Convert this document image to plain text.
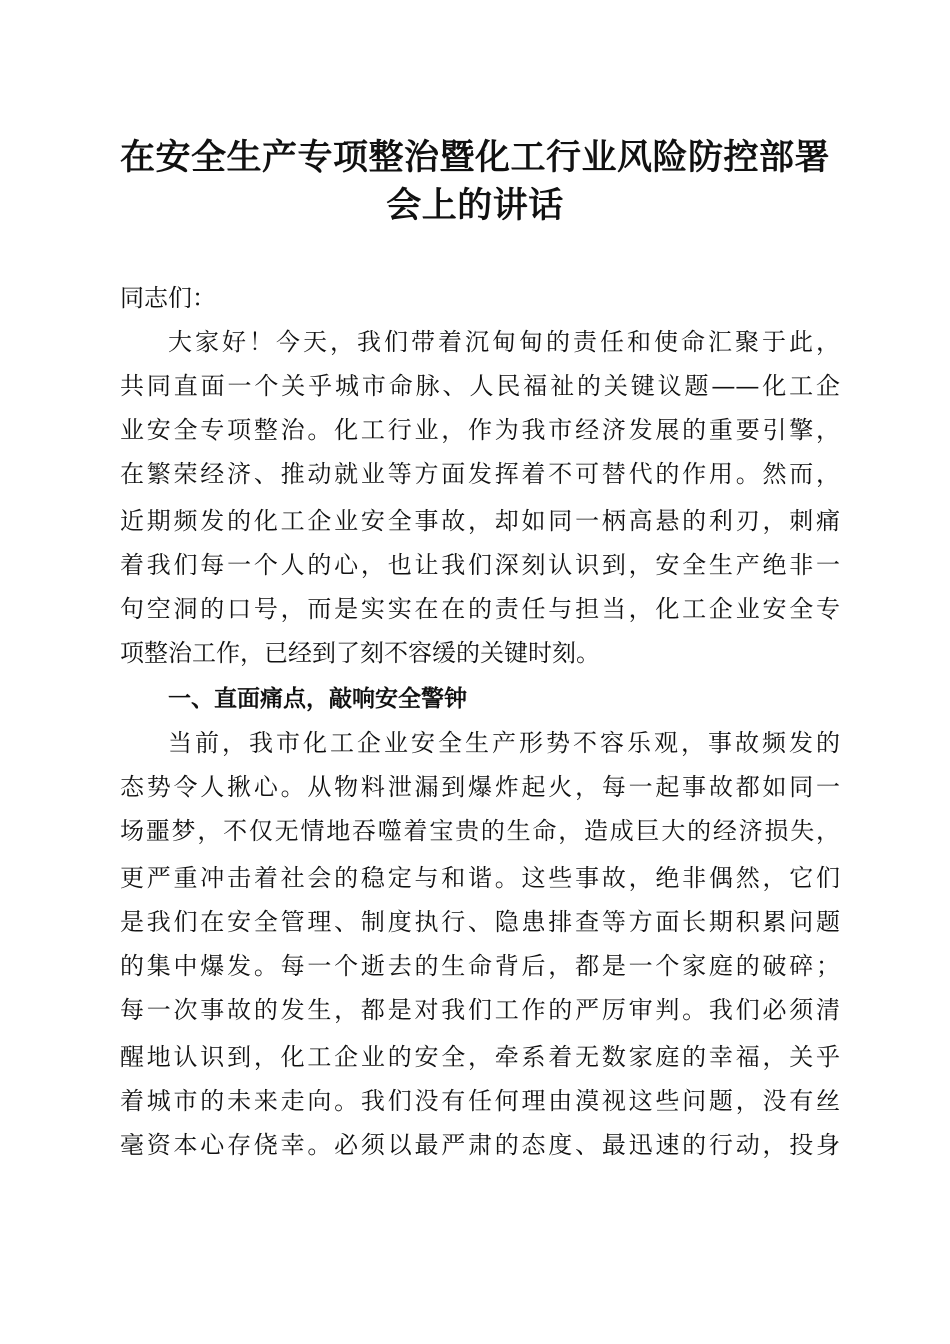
在安全生产专项整治暨化工行业风险防控部署
会上的讲话

同志们：

大家好！今天，我们带着沉甸甸的责任和使命汇聚于此，

共同直面一个关乎城市命脉、人民福祉的关键议题——化工企

业安全专项整治。化工行业，作为我市经济发展的重要引擎，

在繁荣经济、推动就业等方面发挥着不可替代的作用。然而，

近期频发的化工企业安全事故，却如同一柄高悬的利刃，刺痛

着我们每一个人的心，也让我们深刻认识到，安全生产绝非一

句空洞的口号，而是实实在在的责任与担当，化工企业安全专

项整治工作，已经到了刻不容缓的关键时刻。

一、直面痛点，敲响安全警钟

当前，我市化工企业安全生产形势不容乐观，事故频发的

态势令人揪心。从物料泄漏到爆炸起火，每一起事故都如同一

场噩梦，不仅无情地吞噬着宝贵的生命，造成巨大的经济损失，

更严重冲击着社会的稳定与和谐。这些事故，绝非偶然，它们

是我们在安全管理、制度执行、隐患排查等方面长期积累问题

的集中爆发。每一个逝去的生命背后，都是一个家庭的破碎；

每一次事故的发生，都是对我们工作的严厉审判。我们必须清

醒地认识到，化工企业的安全，牵系着无数家庭的幸福，关乎

着城市的未来走向。我们没有任何理由漠视这些问题，没有丝

毫资本心存侥幸。必须以最严肃的态度、最迅速的行动，投身
